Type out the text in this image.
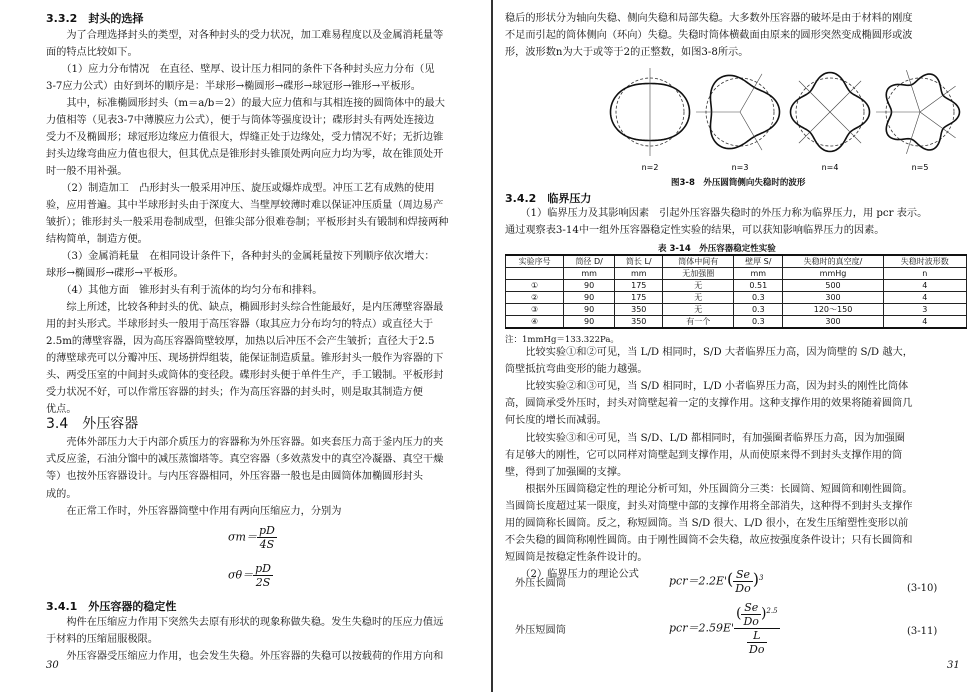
3.3.2　封头的选择
　　为了合理选择封头的类型，对各种封头的受力状况，加工难易程度以及金属消耗量等
面的特点比较如下。
　　（1）应力分布情况　在直径、壁厚、设计压力相同的条件下各种封头应力分布（见
3-7应力公式）由好到坏的顺序是：半球形→椭圆形→碟形→球冠形→锥形→平板形。
　　其中，标准椭圆形封头（m＝a/b＝2）的最大应力值和与其相连接的圆筒体中的最大
力值相等（见表3-7中薄膜应力公式），便于与筒体等强度设计；碟形封头有两处连接边
受力不及椭圆形；球冠形边缘应力值很大，焊缝正处于边缘处，受力情况不好；无折边锥
封头边缘弯曲应力值也很大，但其优点是锥形封头锥顶处两向应力均为零，故在锥顶处开
时一般不用补强。
　　（2）制造加工　凸形封头一般采用冲压、旋压或爆炸成型。冲压工艺有成熟的使用
验，应用普遍。其中半球形封头由于深度大、当壁厚较薄时难以保证冲压质量（周边易产
皱折）；锥形封头一般采用卷制成型，但锥尖部分很难卷制；平板形封头有锻制和焊接两种
结构简单，制造方便。
　　（3）金属消耗量　在相同设计条件下，各种封头的金属耗量按下列顺序依次增大：
球形→椭圆形→碟形→平板形。
　　（4）其他方面　锥形封头有利于流体的均匀分布和排料。
　　综上所述，比较各种封头的优、缺点，椭圆形封头综合性能最好，是内压薄壁容器最
用的封头形式。半球形封头一般用于高压容器（取其应力分布均匀的特点）或直径大于
2.5m的薄壁容器，因为高压容器筒壁较厚，加热以后冲压不会产生皱折；直径大于2.5
的薄壁球壳可以分瓣冲压、现场拼焊组装，能保证制造质量。锥形封头一般作为容器的下
头、两受压室的中间封头或筒体的变径段。碟形封头便于单件生产，手工锻制。平板形封
受力状况不好，可以作常压容器的封头；作为高压容器的封头时，则是取其制造方便
优点。
3.4　外压容器
　　壳体外部压力大于内部介质压力的容器称为外压容器。如夹套压力高于釜内压力的夹
式反应釜，石油分馏中的减压蒸馏塔等。真空容器（多效蒸发中的真空冷凝器、真空干燥
等）也按外压容器设计。与内压容器相同，外压容器一般也是由圆筒体加椭圆形封头
成的。
　　在正常工作时，外压容器筒壁中作用有两向压缩应力，分别为
$\sigma m= \frac{pD}{4S}$
$\sigma\theta= \frac{pD}{2S}$
3.4.1　外压容器的稳定性
　　构件在压缩应力作用下突然失去原有形状的现象称做失稳。发生失稳时的压应力值远
于材料的压缩屈服极限。
　　外压容器受压缩应力作用，也会发生失稳。外压容器的失稳可以按载荷的作用方向和
30
稳后的形状分为轴向失稳、侧向失稳和局部失稳。大多数外压容器的破坏是由于材料的刚度
不足而引起的筒体侧向（环向）失稳。失稳时筒体横截面由原来的圆形突然变成椭圆形或波
形，波形数n为大于或等于2的正整数，如图3-8所示。
n=2	n=3	n=4	n=5
图3-8　外压圆筒侧向失稳时的波形
3.4.2　临界压力
　　（1）临界压力及其影响因素　引起外压容器失稳时的外压力称为临界压力，用 pcr 表示。
通过观察表3-14中一组外压容器稳定性实验的结果，可以获知影响临界压力的因素。
表 3-14　外压容器稳定性实验
实验序号	筒径 D/	筒长 L/	筒体中间有	壁厚 S/	失稳时的真空度/	失稳时波形数
	mm	mm	无加强圈	mm	mmHg	n
①	90	175	无	0.51	500	4
②	90	175	无	0.3	300	4
③	90	350	无	0.3	120～150	3
④	90	350	有一个	0.3	300	4
注：1mmHg＝133.322Pa。
　　比较实验①和②可见，当 L/D 相同时，S/D 大者临界压力高，因为筒壁的 S/D 越大，
筒壁抵抗弯曲变形的能力越强。
　　比较实验②和③可见，当 S/D 相同时，L/D 小者临界压力高，因为封头的刚性比筒体
高，圆筒承受外压时，封头对筒壁起着一定的支撑作用。这种支撑作用的效果将随着圆筒几
何长度的增长而减弱。
　　比较实验③和④可见，当 S/D、L/D 都相同时，有加强圈者临界压力高，因为加强圈
有足够大的刚性，它可以同样对筒壁起到支撑作用，从而使原来得不到封头支撑作用的筒
壁，得到了加强圈的支撑。
　　根据外压圆筒稳定性的理论分析可知，外压圆筒分三类：长圆筒、短圆筒和刚性圆筒。
当圆筒长度超过某一限度，封头对筒壁中部的支撑作用将全部消失，这种得不到封头支撑作
用的圆筒称长圆筒。反之，称短圆筒。当 S/D 很大、L/D 很小，在发生压缩塑性变形以前
不会失稳的圆筒称刚性圆筒。由于刚性圆筒不会失稳，故应按强度条件设计；只有长圆筒和
短圆筒是按稳定性条件设计的。
　　（2）临界压力的理论公式
外压长圆筒	$pcr=2.2E'( \frac{Se}{Do} )^3$
(3-10)
外压短圆筒	$pcr=2.59E' \frac{( \frac{Se}{Do} )^{2.5}}{\frac{L}{Do}}$	(3-11)
31
